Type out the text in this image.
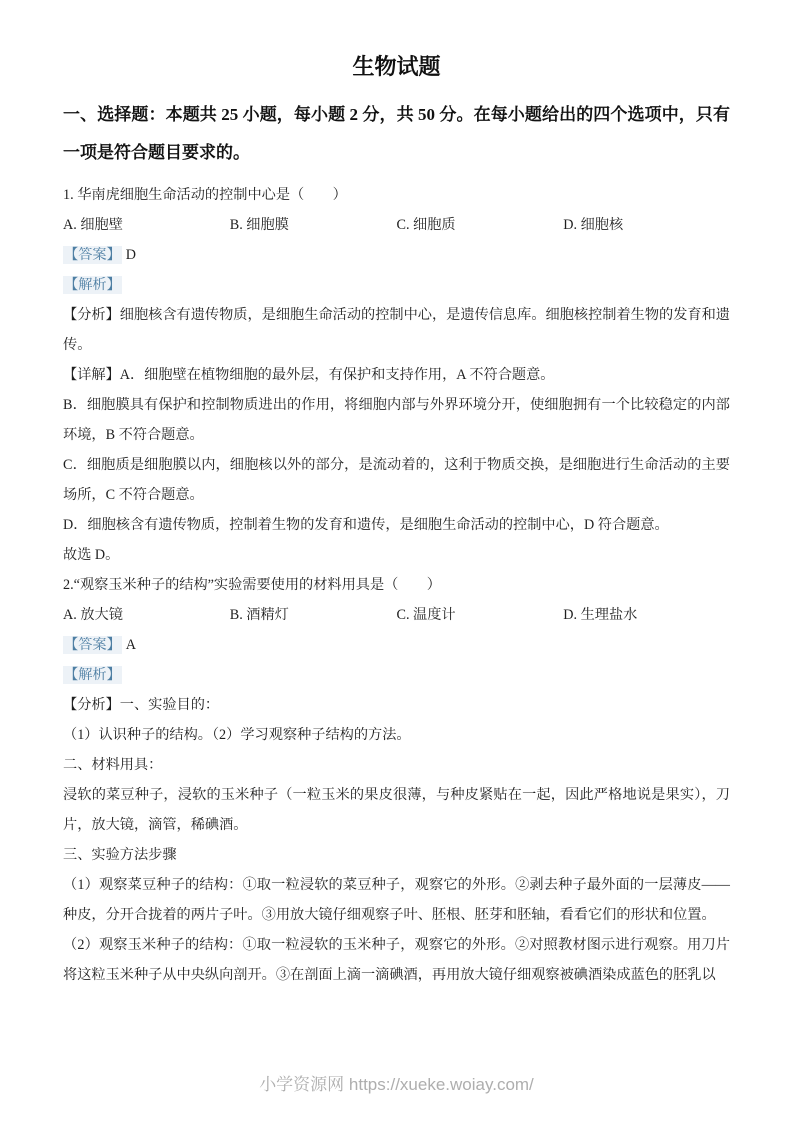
生物试题

一、选择题：本题共 25 小题，每小题 2 分，共 50 分。在每小题给出的四个选项中，只有一项是符合题目要求的。

1. 华南虎细胞生命活动的控制中心是（　　）

A. 细胞壁	B. 细胞膜	C. 细胞质	D. 细胞核

【答案】 D

【解析】

【分析】细胞核含有遗传物质，是细胞生命活动的控制中心，是遗传信息库。细胞核控制着生物的发育和遗传。

【详解】A．细胞壁在植物细胞的最外层，有保护和支持作用，A 不符合题意。

B．细胞膜具有保护和控制物质进出的作用，将细胞内部与外界环境分开，使细胞拥有一个比较稳定的内部环境，B 不符合题意。

C．细胞质是细胞膜以内，细胞核以外的部分，是流动着的，这利于物质交换，是细胞进行生命活动的主要场所，C 不符合题意。

D．细胞核含有遗传物质，控制着生物的发育和遗传，是细胞生命活动的控制中心，D 符合题意。

故选 D。

2.“观察玉米种子的结构”实验需要使用的材料用具是（　　）

A. 放大镜	B. 酒精灯	C. 温度计	D. 生理盐水

【答案】 A

【解析】

【分析】一、实验目的：

（1）认识种子的结构。（2）学习观察种子结构的方法。

二、材料用具：

浸软的菜豆种子，浸软的玉米种子（一粒玉米的果皮很薄，与种皮紧贴在一起，因此严格地说是果实），刀片，放大镜，滴管，稀碘酒。

三、实验方法步骤

（1）观察菜豆种子的结构：①取一粒浸软的菜豆种子，观察它的外形。②剥去种子最外面的一层薄皮——种皮，分开合拢着的两片子叶。③用放大镜仔细观察子叶、胚根、胚芽和胚轴，看看它们的形状和位置。

（2）观察玉米种子的结构：①取一粒浸软的玉米种子，观察它的外形。②对照教材图示进行观察。用刀片将这粒玉米种子从中央纵向剖开。③在剖面上滴一滴碘酒，再用放大镜仔细观察被碘酒染成蓝色的胚乳以

小学资源网 https://xueke.woiay.com/
